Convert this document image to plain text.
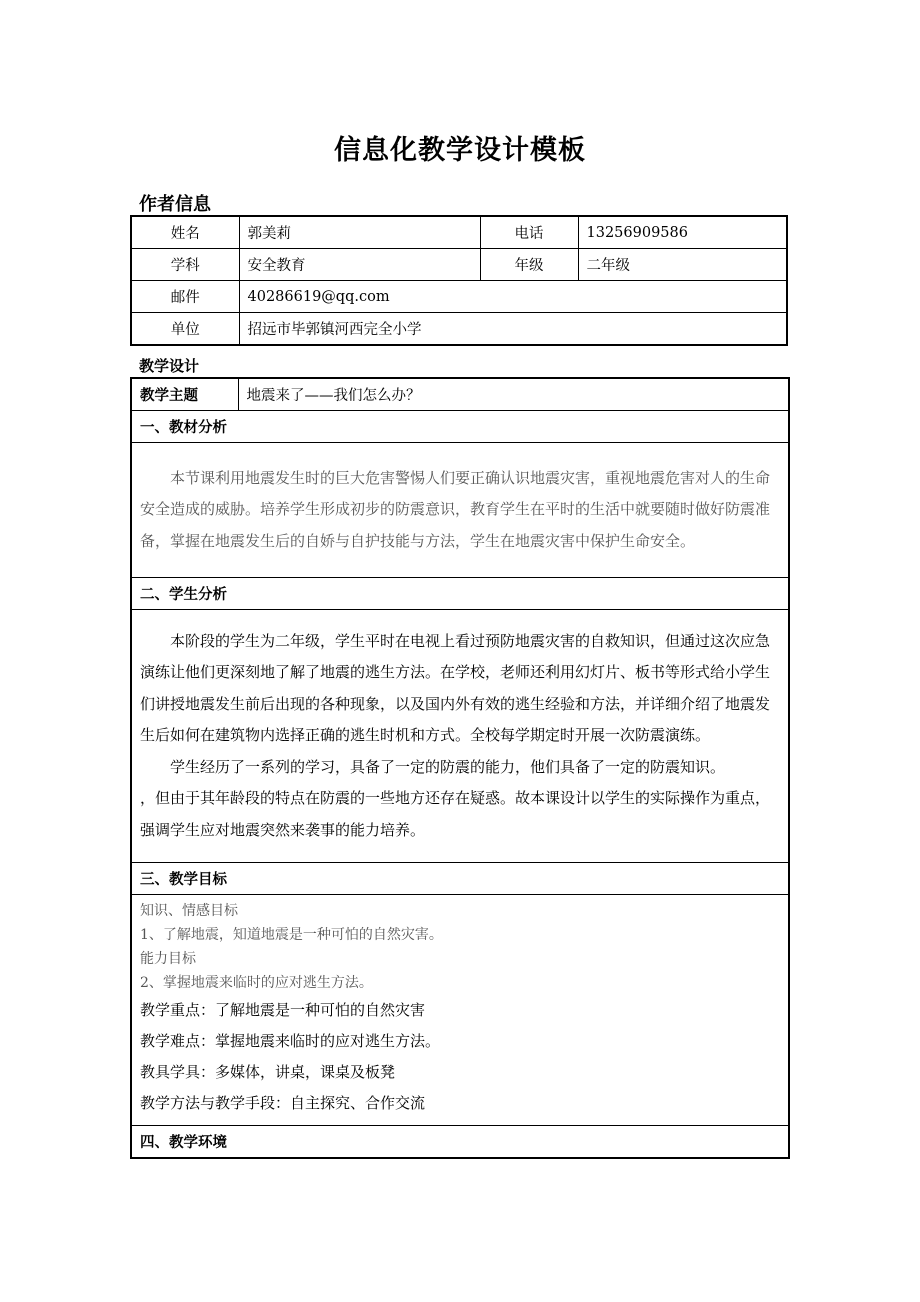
信息化教学设计模板
作者信息
姓名	郭美莉	电话	13256909586
学科	安全教育	年级	二年级
邮件	40286619@qq.com		
单位	招远市毕郭镇河西完全小学		
教学设计
教学主题	地震来了——我们怎么办？
一、教材分析
本节课利用地震发生时的巨大危害警惕人们要正确认识地震灾害，重视地震危害对人的生命安全造成的威胁。培养学生形成初步的防震意识，教育学生在平时的生活中就要随时做好防震准备，掌握在地震发生后的自娇与自护技能与方法，学生在地震灾害中保护生命安全。
二、学生分析

本阶段的学生为二年级，学生平时在电视上看过预防地震灾害的自救知识，但通过这次应急演练让他们更深刻地了解了地震的逃生方法。在学校，老师还利用幻灯片、板书等形式给小学生们讲授地震发生前后出现的各种现象，以及国内外有效的逃生经验和方法，并详细介绍了地震发生后如何在建筑物内选择正确的逃生时机和方式。全校每学期定时开展一次防震演练。

学生经历了一系列的学习，具备了一定的防震的能力，他们具备了一定的防震知识。

，但由于其年龄段的特点在防震的一些地方还存在疑惑。故本课设计以学生的实际操作为重点，强调学生应对地震突然来袭事的能力培养。

三、教学目标

知识、情感目标
1、了解地震，知道地震是一种可怕的自然灾害。
能力目标
2、掌握地震来临时的应对逃生方法。
教学重点：了解地震是一种可怕的自然灾害
教学难点：掌握地震来临时的应对逃生方法。
教具学具：多媒体，讲桌，课桌及板凳
教学方法与教学手段：自主探究、合作交流

四、教学环境
